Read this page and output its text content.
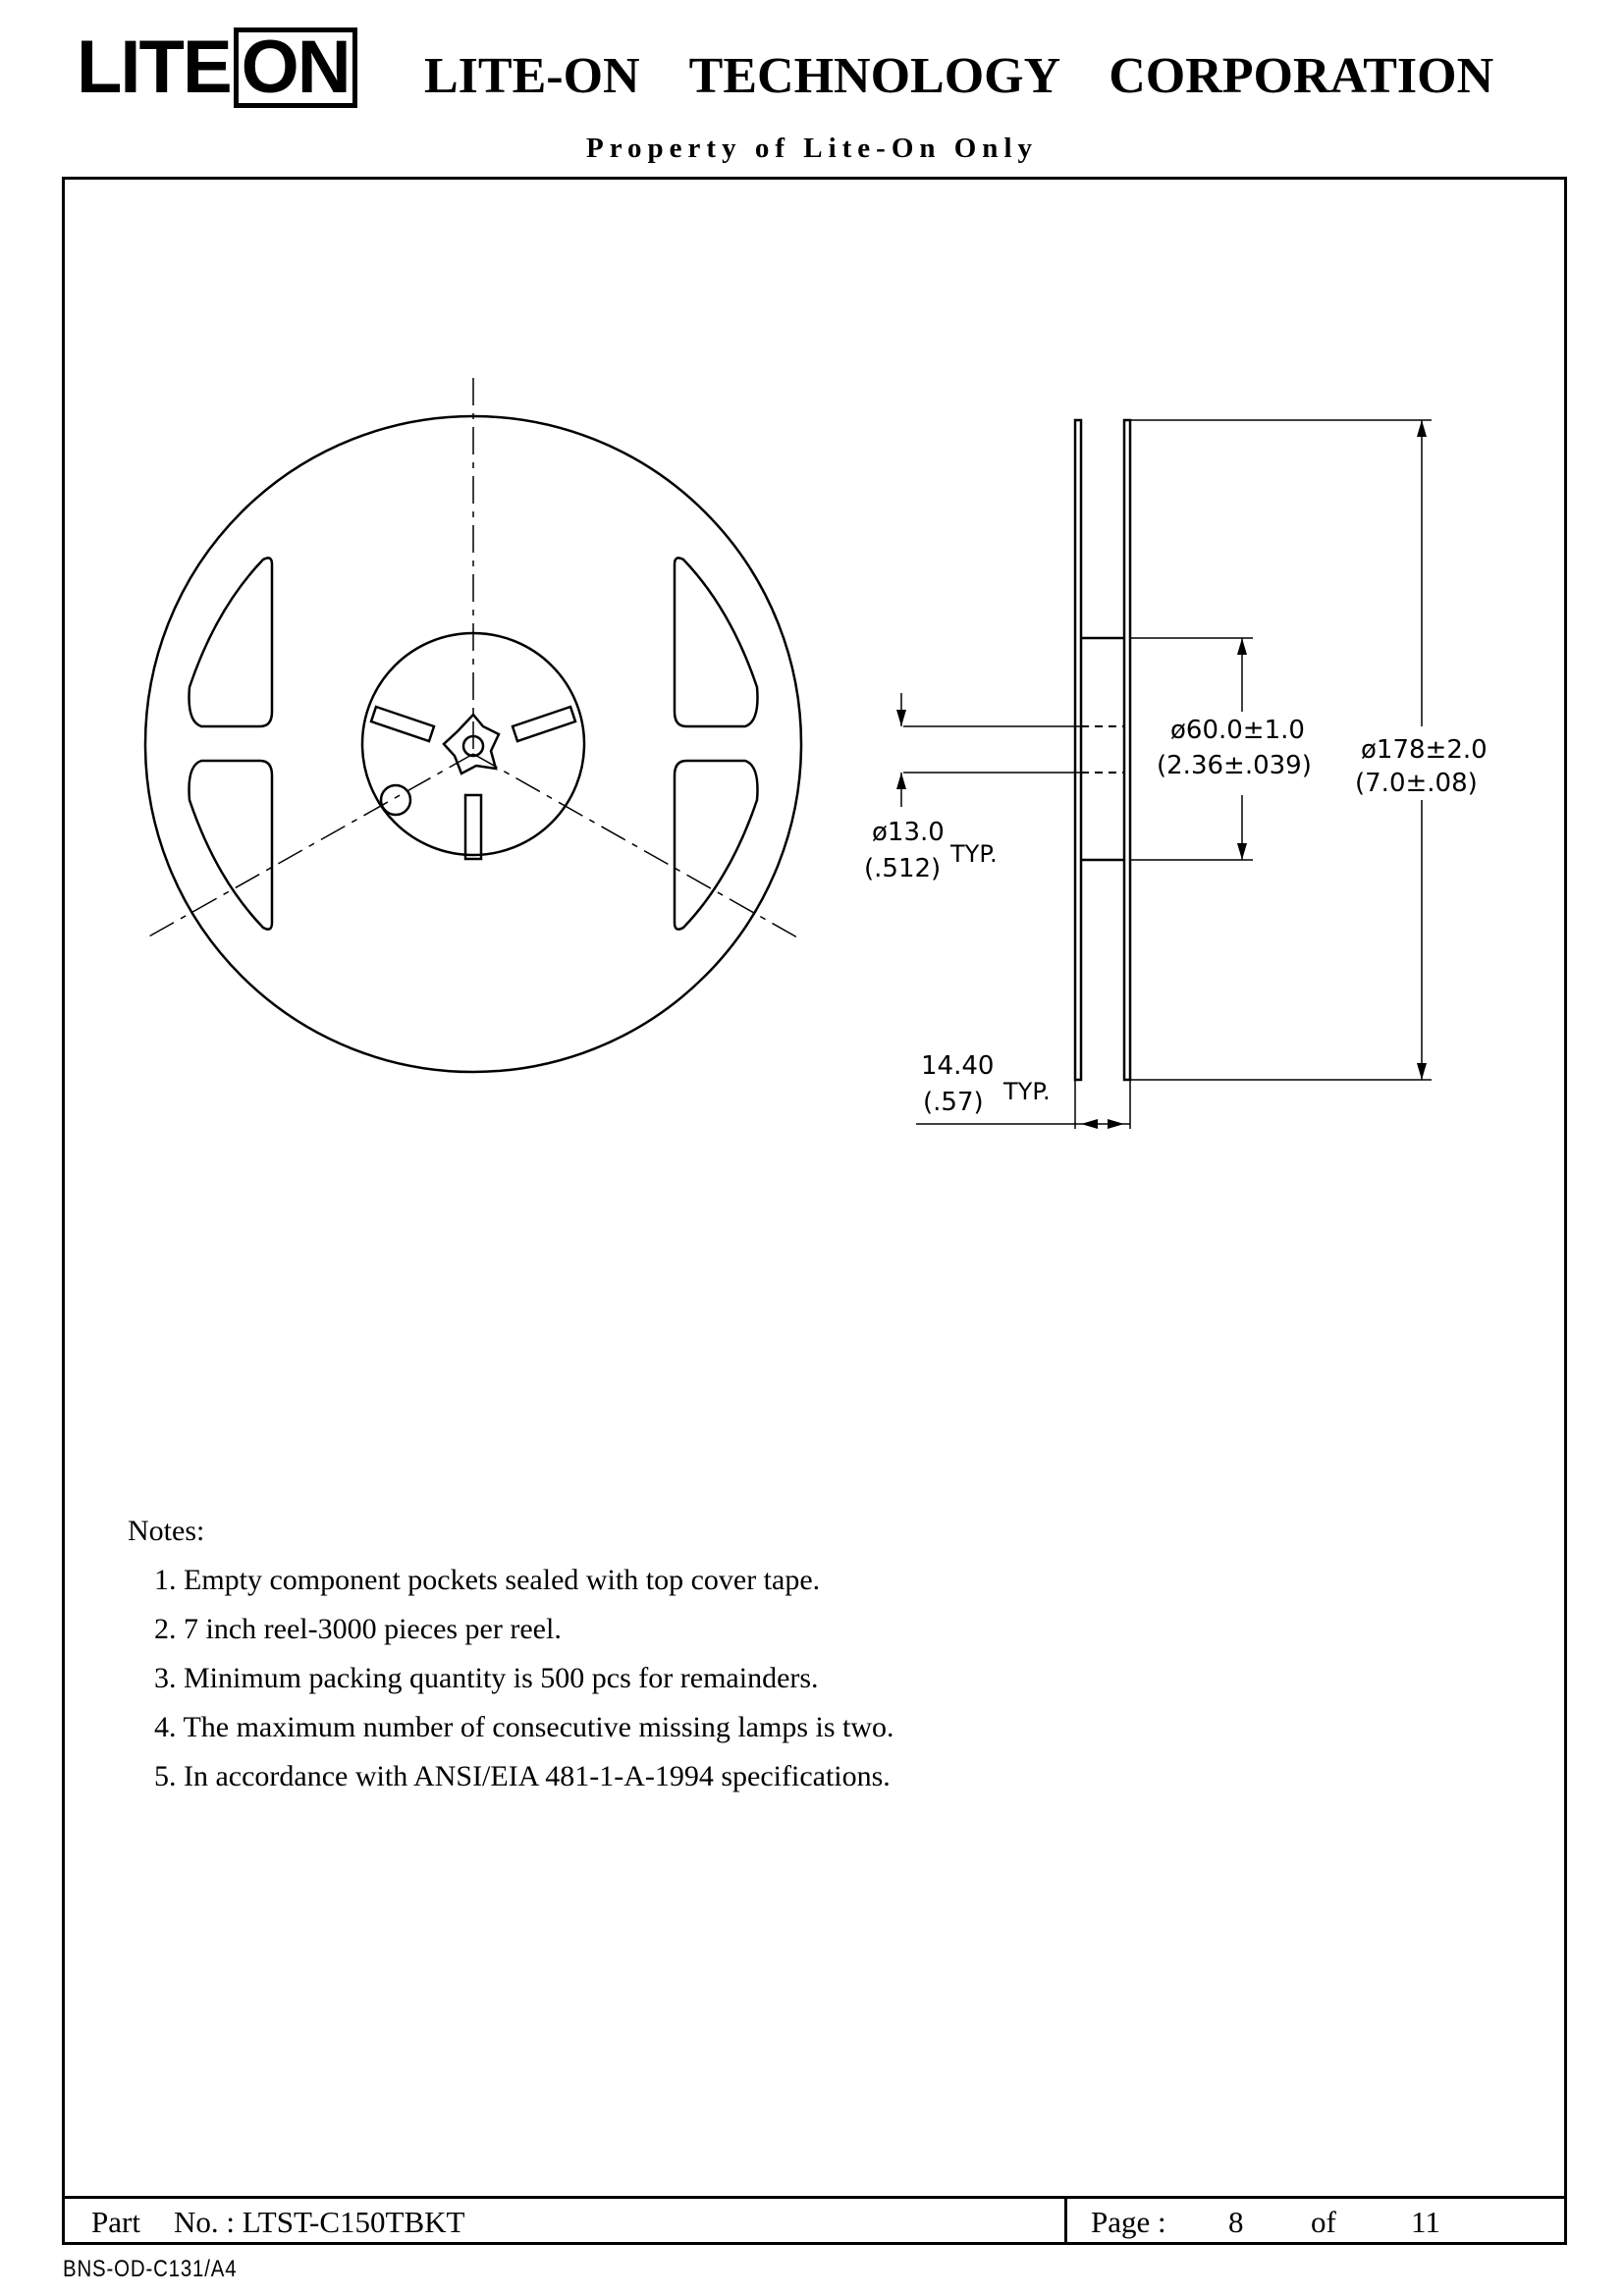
LITE ON LITE-ON TECHNOLOGY CORPORATION
Property of Lite-On Only
ø13.0
(.512) TYP.
ø60.0±1.0
(2.36±.039)
ø178±2.0
(7.0±.08)
14.40
(.57) TYP.
Notes:
1. Empty component pockets sealed with top cover tape.
2. 7 inch reel-3000 pieces per reel.
3. Minimum packing quantity is 500 pcs for remainders.
4. The maximum number of consecutive missing lamps is two.
5. In accordance with ANSI/EIA 481-1-A-1994 specifications.
Part No. : LTST-C150TBKT	Page : 8 of 11
BNS-OD-C131/A4
